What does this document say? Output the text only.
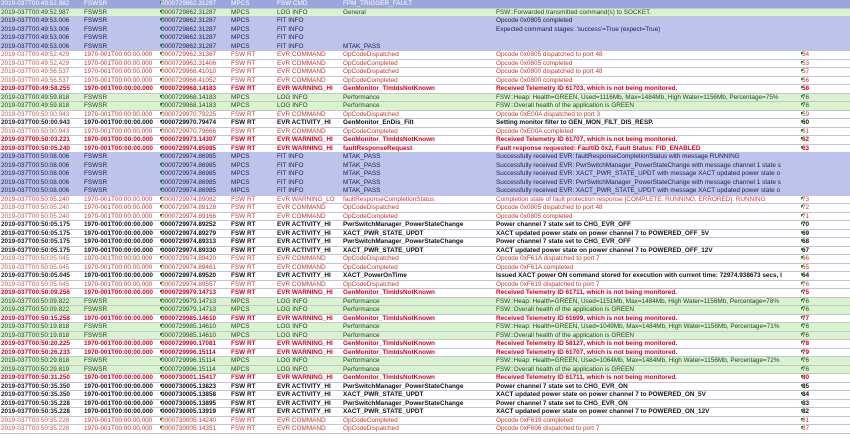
2019-037T00:49:52.982	FSWSR	0000729862.31287	MPCS	FSW CMD	FPM_TRIGGER_FAULT
2019-037T00:49:52.987	FSWSR	0000729862.31287	MPCS	LOG INFO	General	FSW::Forwarded transmitted command(s) to SOCKET.
2019-037T00:49:53.006	FSWSR	0000729862.31287	MPCS	FIT INFO	Opcode 0x0805 completed
2019-037T00:49:53.006	FSWSR	0000729862.31287	MPCS	FIT INFO	Expected command stages: 'success'=True (expect=True)
2019-037T00:49:53.006	FSWSR	0000729862.31287	MPCS	FIT INFO
2019-037T00:49:53.006	FSWSR	0000729862.31287	MPCS	FIT INFO	MTAK_PASS
2019-037T00:49:52.429	1970-001T00:00:00.000	0000729962.31367	FSW RT	EVR COMMAND	OpCodeDispatched	Opcode 0x0805 dispatched to port 48	54
2019-037T00:49:52.429	1970-001T00:00:00.000	0000729962.31406	FSW RT	EVR COMMAND	OpCodeCompleted	Opcode 0x0805 completed	53
2019-037T00:49:56.537	1970-001T00:00:00.000	0000729966.41010	FSW RT	EVR COMMAND	OpCodeDispatched	Opcode 0x0800 dispatched to port 48	57
2019-037T00:49:56.537	1970-001T00:00:00.000	0000729966.41052	FSW RT	EVR COMMAND	OpCodeCompleted	Opcode 0x0800 completed	56
2019-037T00:49:58.255	1970-001T00:00:00.000	0000729968.14183	FSW RT	EVR WARNING_HI	GenMonitor_TlmIdsNotKnown	Received Telemetry ID 61703, which is not being monitored.	58
2019-037T00:49:59.818	FSWSR	0000729968.14183	MPCS	LOG INFO	Performance	FSW::Heap: Health=GREEN, Used=1116Mb, Max=1484Mb, High Water=1156Mb, Percentage=75%	76
2019-037T00:49:59.818	FSWSR	0000729968.14183	MPCS	LOG INFO	Performance	FSW::Overall health of the application is GREEN	76
2019-037T00:50:00.943	1970-001T00:00:00.000	0000729970.79225	FSW RT	EVR COMMAND	OpCodeDispatched	Opcode 0xE00A dispatched to port 3	59
2019-037T00:50:00.943	1970-001T00:00:00.000	0000729970.79474	FSW RT	EVR ACTIVITY_HI	GenMonitor_EnDis_Filt	Setting monitor filter to GEN_MON_FILT_DIS_RESP.	60
2019-037T00:50:00.943	1970-001T00:00:00.000	0000729970.79666	FSW RT	EVR COMMAND	OpCodeCompleted	Opcode 0xE00A completed	61
2019-037T00:50:03.221	1970-001T00:00:00.000	0000729973.14307	FSW RT	EVR WARNING_HI	GenMonitor_TlmIdsNotKnown	Received Telemetry ID 61707, which is not being monitored.	62
2019-037T00:50:05.240	1970-001T00:00:00.000	0000729974.85985	FSW RT	EVR WARNING_HI	faultResponseRequest	Fault response requested: FaultID 0x2, Fault Status: FID_ENABLED	63
2019-037T00:50:08.006	FSWSR	0000729974.86985	MPCS	FIT INFO	MTAK_PASS	Successfully received EVR: faultResponseCompletionStatus with message RUNNING
2019-037T00:50:08.006	FSWSR	0000729974.86985	MPCS	FIT INFO	MTAK_PASS	Successfully received EVR: PwrSwitchManager_PowerStateChange with message channel 1 state s
2019-037T00:50:08.006	FSWSR	0000729974.86985	MPCS	FIT INFO	MTAK_PASS	Successfully received EVR: XACT_PWR_STATE_UPDT with message XACT updated power state o
2019-037T00:50:08.006	FSWSR	0000729974.86985	MPCS	FIT INFO	MTAK_PASS	Successfully received EVR: PwrSwitchManager_PowerStateChange with message channel 1 state s
2019-037T00:50:08.006	FSWSR	0000729974.86985	MPCS	FIT INFO	MTAK_PASS	Successfully received EVR: XACT_PWR_STATE_UPDT with message XACT updated power state o
2019-037T00:50:05.240	1970-001T00:00:00.000	0000729974.89082	FSW RT	EVR WARNING_LO	faultResponseCompletionStatus	Completion state of fault protection response [COMPLETE, RUNNING, ERRORED]: RUNNING	73
2019-037T00:50:05.240	1970-001T00:00:00.000	0000729974.89128	FSW RT	EVR COMMAND	OpCodeDispatched	Opcode 0x0805 dispatched to port 48	72
2019-037T00:50:05.240	1970-001T00:00:00.000	0000729974.89166	FSW RT	EVR COMMAND	OpCodeCompleted	Opcode 0x0805 completed	71
2019-037T00:50:05.175	1970-001T00:00:00.000	0000729974.89252	FSW RT	EVR ACTIVITY_HI	PwrSwitchManager_PowerStateChange	Power channel 7 state set to CHG_EVR_OFF	70
2019-037T00:50:05.175	1970-001T00:00:00.000	0000729974.89279	FSW RT	EVR ACTIVITY_HI	XACT_PWR_STATE_UPDT	XACT updated power state on power channel 7 to POWERED_OFF_5V	69
2019-037T00:50:05.175	1970-001T00:00:00.000	0000729974.89313	FSW RT	EVR ACTIVITY_HI	PwrSwitchManager_PowerStateChange	Power channel 7 state set to CHG_EVR_OFF	68
2019-037T00:50:05.175	1970-001T00:00:00.000	0000729974.89330	FSW RT	EVR ACTIVITY_HI	XACT_PWR_STATE_UPDT	XACT updated power state on power channel 7 to POWERED_OFF_12V	67
2019-037T00:50:05.045	1970-001T00:00:00.000	0000729974.89420	FSW RT	EVR COMMAND	OpCodeDispatched	Opcode 0xF61A dispatched to port 7	66
2019-037T00:50:05.045	1970-001T00:00:00.000	0000729974.89461	FSW RT	EVR COMMAND	OpCodeCompleted	Opcode 0xF61A completed	65
2019-037T00:50:05.045	1970-001T00:00:00.000	0000729974.89520	FSW RT	EVR ACTIVITY_HI	XACT_PowerOnTime	Issued XACT power ON command stored for execution with current time: 72974.938673 secs, l	64
2019-037T00:50:05.045	1970-001T00:00:00.000	0000729974.89557	FSW RT	EVR COMMAND	OpCodeDispatched	Opcode 0xF619 dispatched to port 7	76
2019-037T00:50:09.256	1970-001T00:00:00.000	0000729979.14713	FSW RT	EVR WARNING_HI	GenMonitor_TlmIdsNotKnown	Received Telemetry ID 61711, which is not being monitored.	75
2019-037T00:50:09.822	FSWSR	0000729979.14713	MPCS	LOG INFO	Performance	FSW::Heap: Health=GREEN, Used=1151Mb, Max=1484Mb, High Water=1156Mb, Percentage=78%	76
2019-037T00:50:09.822	FSWSR	0000729979.14713	MPCS	LOG INFO	Performance	FSW::Overall health of the application is GREEN	76
2019-037T00:50:15.258	1970-001T00:00:00.000	0000729985.14610	FSW RT	EVR WARNING_HI	GenMonitor_TlmIdsNotKnown	Received Telemetry ID 61699, which is not being monitored.	77
2019-037T00:50:19.818	FSWSR	0000729985.14610	MPCS	LOG INFO	Performance	FSW::Heap: Health=GREEN, Used=1049Mb, Max=1484Mb, High Water=1156Mb, Percentage=71%	76
2019-037T00:50:19.818	FSWSR	0000729985.14610	MPCS	LOG INFO	Performance	FSW::Overall health of the application is GREEN	76
2019-037T00:50:20.225	1970-001T00:00:00.000	0000729990.17081	FSW RT	EVR WARNING_HI	GenMonitor_TlmIdsNotKnown	Received Telemetry ID 58127, which is not being monitored.	78
2019-037T00:50:26.233	1970-001T00:00:00.000	0000729996.15114	FSW RT	EVR WARNING_HI	GenMonitor_TlmIdsNotKnown	Received Telemetry ID 61707, which is not being monitored.	79
2019-037T00:50:29.818	FSWSR	0000729996.15114	MPCS	LOG INFO	Performance	FSW::Heap: Health=GREEN, Used=1064Mb, Max=1484Mb, High Water=1156Mb, Percentage=72%	76
2019-037T00:50:29.819	FSWSR	0000729996.15114	MPCS	LOG INFO	Performance	FSW::Overall health of the application is GREEN	76
2019-037T00:50:31.250	1970-001T00:00:00.000	0000730001.15417	FSW RT	EVR WARNING_HI	GenMonitor_TlmIdsNotKnown	Received Telemetry ID 61711, which is not being monitored.	80
2019-037T00:50:35.350	1970-001T00:00:00.000	0000730005.13823	FSW RT	EVR ACTIVITY_HI	PwrSwitchManager_PowerStateChange	Power channel 7 state set to CHG_EVR_ON	85
2019-037T00:50:35.350	1970-001T00:00:00.000	0000730005.13858	FSW RT	EVR ACTIVITY_HI	XACT_PWR_STATE_UPDT	XACT updated power state on power channel 7 to POWERED_ON_5V	84
2019-037T00:50:35.228	1970-001T00:00:00.000	0000730005.13895	FSW RT	EVR ACTIVITY_HI	PwrSwitchManager_PowerStateChange	Power channel 7 state set to CHG_EVR_ON	83
2019-037T00:50:35.228	1970-001T00:00:00.000	0000730005.13919	FSW RT	EVR ACTIVITY_HI	XACT_PWR_STATE_UPDT	XACT updated power state on power channel 7 to POWERED_ON_12V	82
2019-037T00:50:35.228	1970-001T00:00:00.000	0000730005.14240	FSW RT	EVR COMMAND	OpCodeCompleted	Opcode 0xF619 completed	81
2019-037T00:50:35.228	1970-001T00:00:00.000	0000730005.14351	FSW RT	EVR COMMAND	OpCodeDispatched	Opcode 0xF606 dispatched to port 7	87
